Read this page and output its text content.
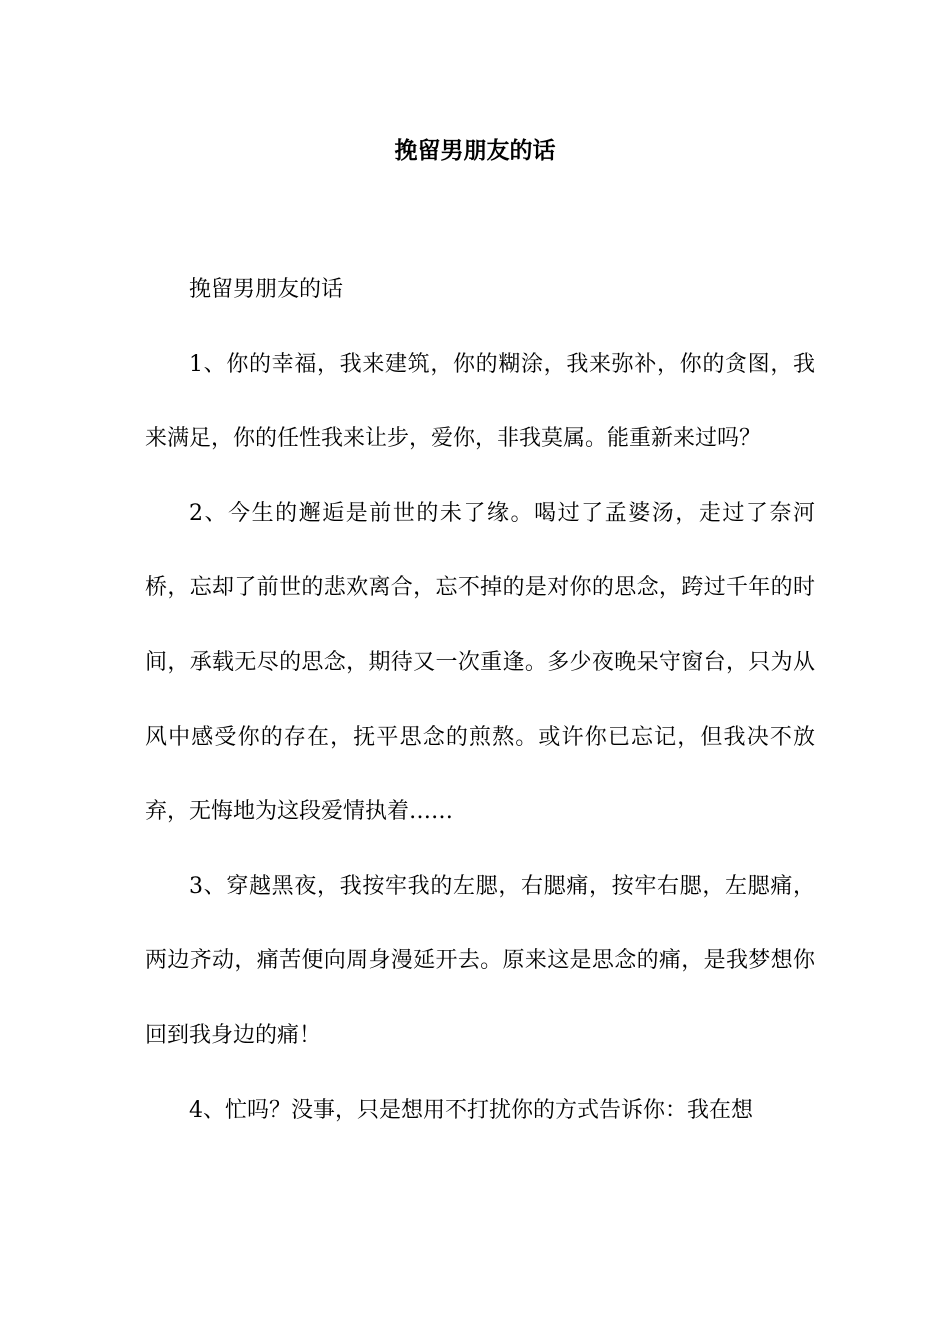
挽留男朋友的话

挽留男朋友的话

1、你的幸福，我来建筑，你的糊涂，我来弥补，你的贪图，我来满足，你的任性我来让步，爱你，非我莫属。能重新来过吗？

2、今生的邂逅是前世的未了缘。喝过了孟婆汤，走过了奈河桥，忘却了前世的悲欢离合，忘不掉的是对你的思念，跨过千年的时间，承载无尽的思念，期待又一次重逢。多少夜晚呆守窗台，只为从风中感受你的存在，抚平思念的煎熬。或许你已忘记，但我决不放弃，无悔地为这段爱情执着……

3、穿越黑夜，我按牢我的左腮，右腮痛，按牢右腮，左腮痛，两边齐动，痛苦便向周身漫延开去。原来这是思念的痛，是我梦想你回到我身边的痛！

4、忙吗？没事，只是想用不打扰你的方式告诉你：我在想
